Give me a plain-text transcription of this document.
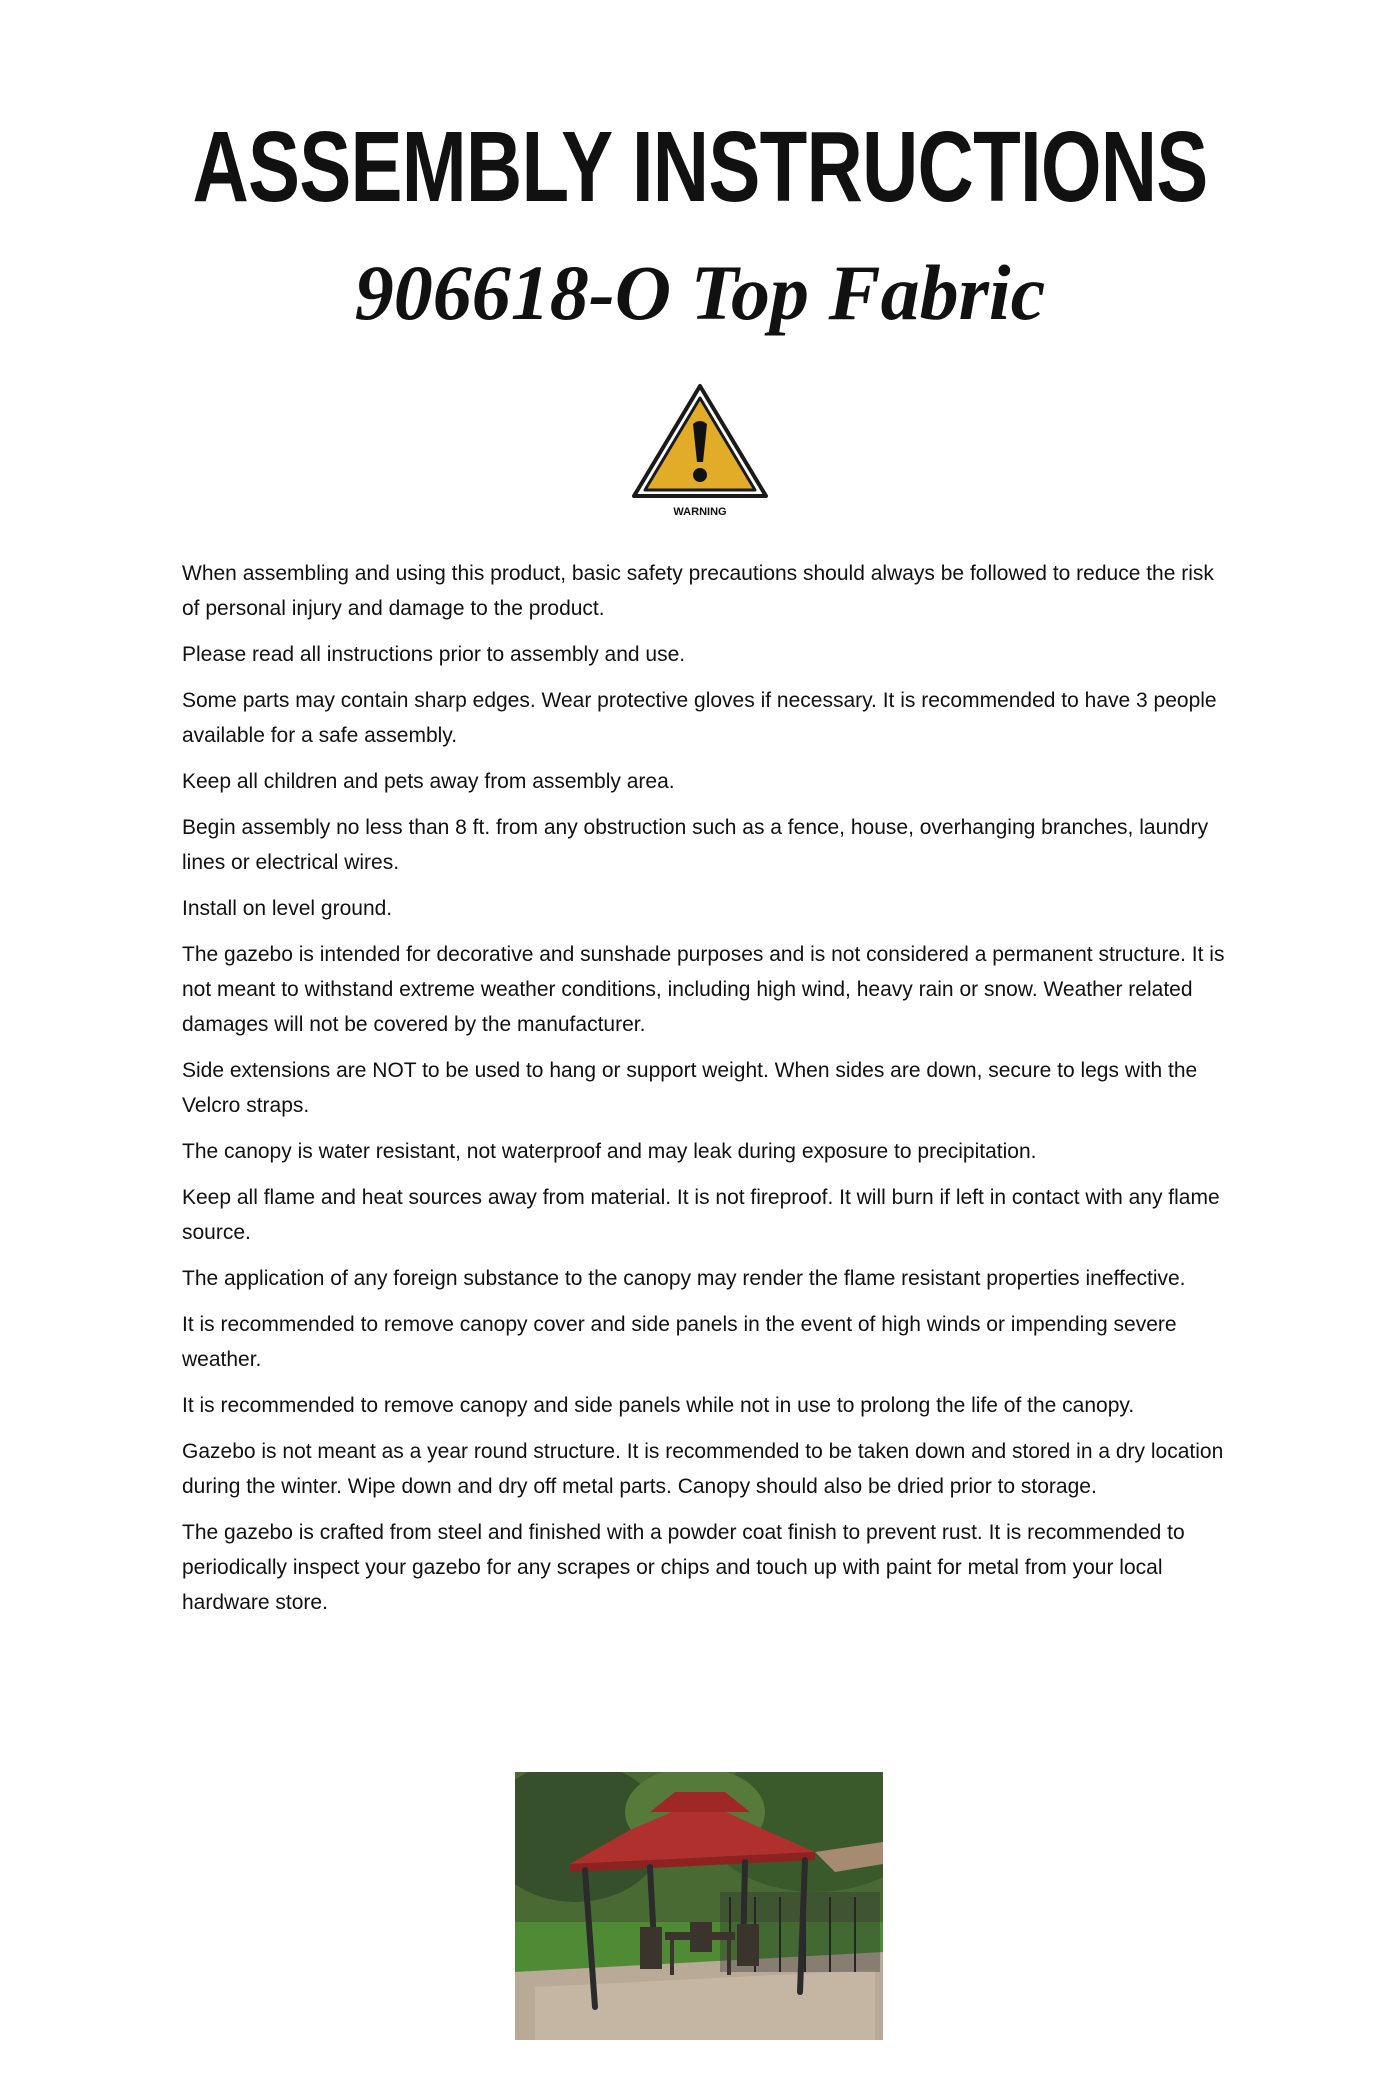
ASSEMBLY INSTRUCTIONS
906618-O Top Fabric
WARNING

When assembling and using this product, basic safety precautions should always be followed to reduce the risk of personal injury and damage to the product.

Please read all instructions prior to assembly and use.

Some parts may contain sharp edges. Wear protective gloves if necessary. It is recommended to have 3 people available for a safe assembly.

Keep all children and pets away from assembly area.

Begin assembly no less than 8 ft. from any obstruction such as a fence, house, overhanging branches, laundry lines or electrical wires.

Install on level ground.

The gazebo is intended for decorative and sunshade purposes and is not considered a permanent structure. It is not meant to withstand extreme weather conditions, including high wind, heavy rain or snow. Weather related damages will not be covered by the manufacturer.

Side extensions are NOT to be used to hang or support weight. When sides are down, secure to legs with the Velcro straps.

The canopy is water resistant, not waterproof and may leak during exposure to precipitation.

Keep all flame and heat sources away from material. It is not fireproof. It will burn if left in contact with any flame source.

The application of any foreign substance to the canopy may render the flame resistant properties ineffective.

It is recommended to remove canopy cover and side panels in the event of high winds or impending severe weather.

It is recommended to remove canopy and side panels while not in use to prolong the life of the canopy.

Gazebo is not meant as a year round structure. It is recommended to be taken down and stored in a dry location during the winter. Wipe down and dry off metal parts. Canopy should also be dried prior to storage.

The gazebo is crafted from steel and finished with a powder coat finish to prevent rust. It is recommended to periodically inspect your gazebo for any scrapes or chips and touch up with paint for metal from your local hardware store.
